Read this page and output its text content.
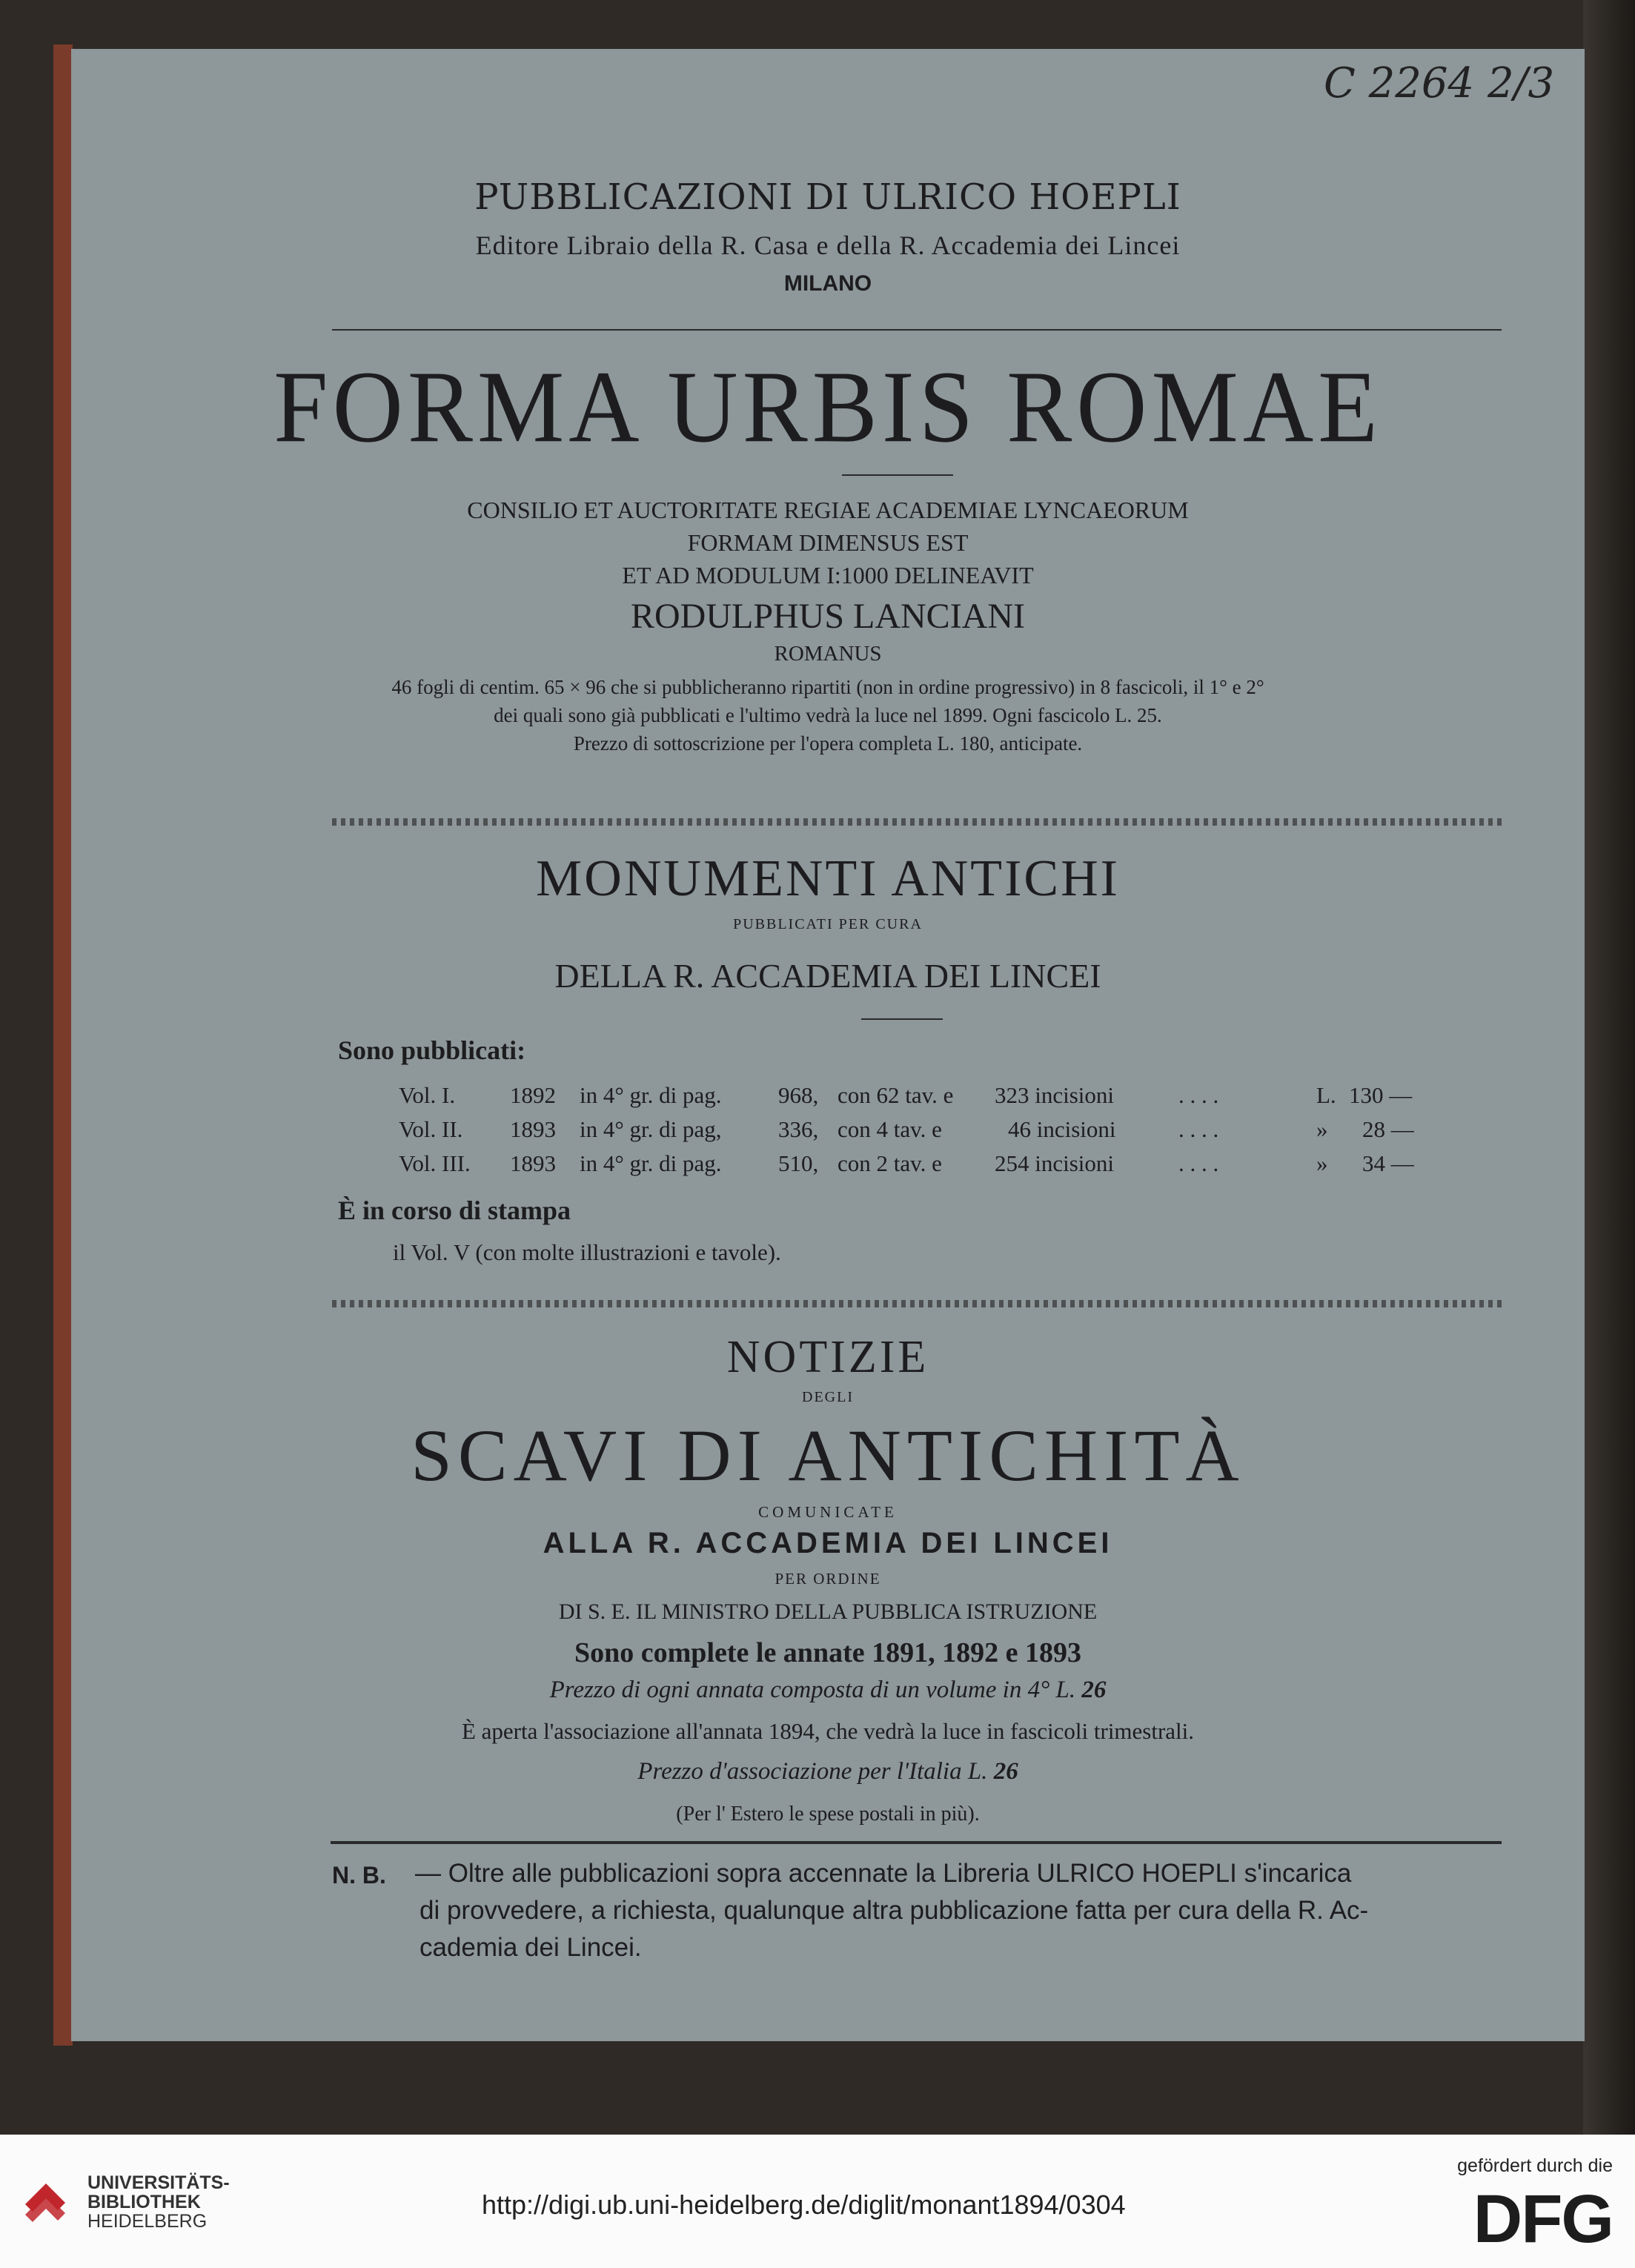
C 2264 2/3
PUBBLICAZIONI DI ULRICO HOEPLI
Editore Libraio della R. Casa e della R. Accademia dei Lincei
MILANO
FORMA URBIS ROMAE
CONSILIO ET AUCTORITATE REGIAE ACADEMIAE LYNCAEORUM
FORMAM DIMENSUS EST
ET AD MODULUM I:1000 DELINEAVIT
RODULPHUS LANCIANI
ROMANUS
46 fogli di centim. 65 × 96 che si pubblicheranno ripartiti (non in ordine progressivo) in 8 fascicoli, il 1° e 2°
dei quali sono già pubblicati e l'ultimo vedrà la luce nel 1899. Ogni fascicolo L. 25.
Prezzo di sottoscrizione per l'opera completa L. 180, anticipate.
MONUMENTI ANTICHI
PUBBLICATI PER CURA
DELLA R. ACCADEMIA DEI LINCEI
Sono pubblicati:
Vol. I. 1892 in 4° gr. di pag. 968, con 62 tav. e 323 incisioni	. . . .	L. 130 —
Vol. II. 1893 in 4° gr. di pag, 336, con 4 tav. e	46 incisioni	. . . .	» 28 —
Vol. III. 1893 in 4° gr. di pag. 510, con 2 tav. e 254 incisioni	. . . .	» 34 —
È in corso di stampa
il Vol. V (con molte illustrazioni e tavole).
NOTIZIE
DEGLI
SCAVI DI ANTICHITÀ
COMUNICATE
ALLA R. ACCADEMIA DEI LINCEI
PER ORDINE
DI S. E. IL MINISTRO DELLA PUBBLICA ISTRUZIONE
Sono complete le annate 1891, 1892 e 1893
Prezzo di ogni annata composta di un volume in 4° L. 26
È aperta l'associazione all'annata 1894, che vedrà la luce in fascicoli trimestrali.
Prezzo d'associazione per l'Italia L. 26
(Per l' Estero le spese postali in più).
N. B. — Oltre alle pubblicazioni sopra accennate la Libreria ULRICO HOEPLI s'incarica
di provvedere, a richiesta, qualunque altra pubblicazione fatta per cura della R. Ac-
cademia dei Lincei.
UNIVERSITÄTS-
BIBLIOTHEK
HEIDELBERG
http://digi.ub.uni-heidelberg.de/diglit/monant1894/0304
gefördert durch die
DFG
